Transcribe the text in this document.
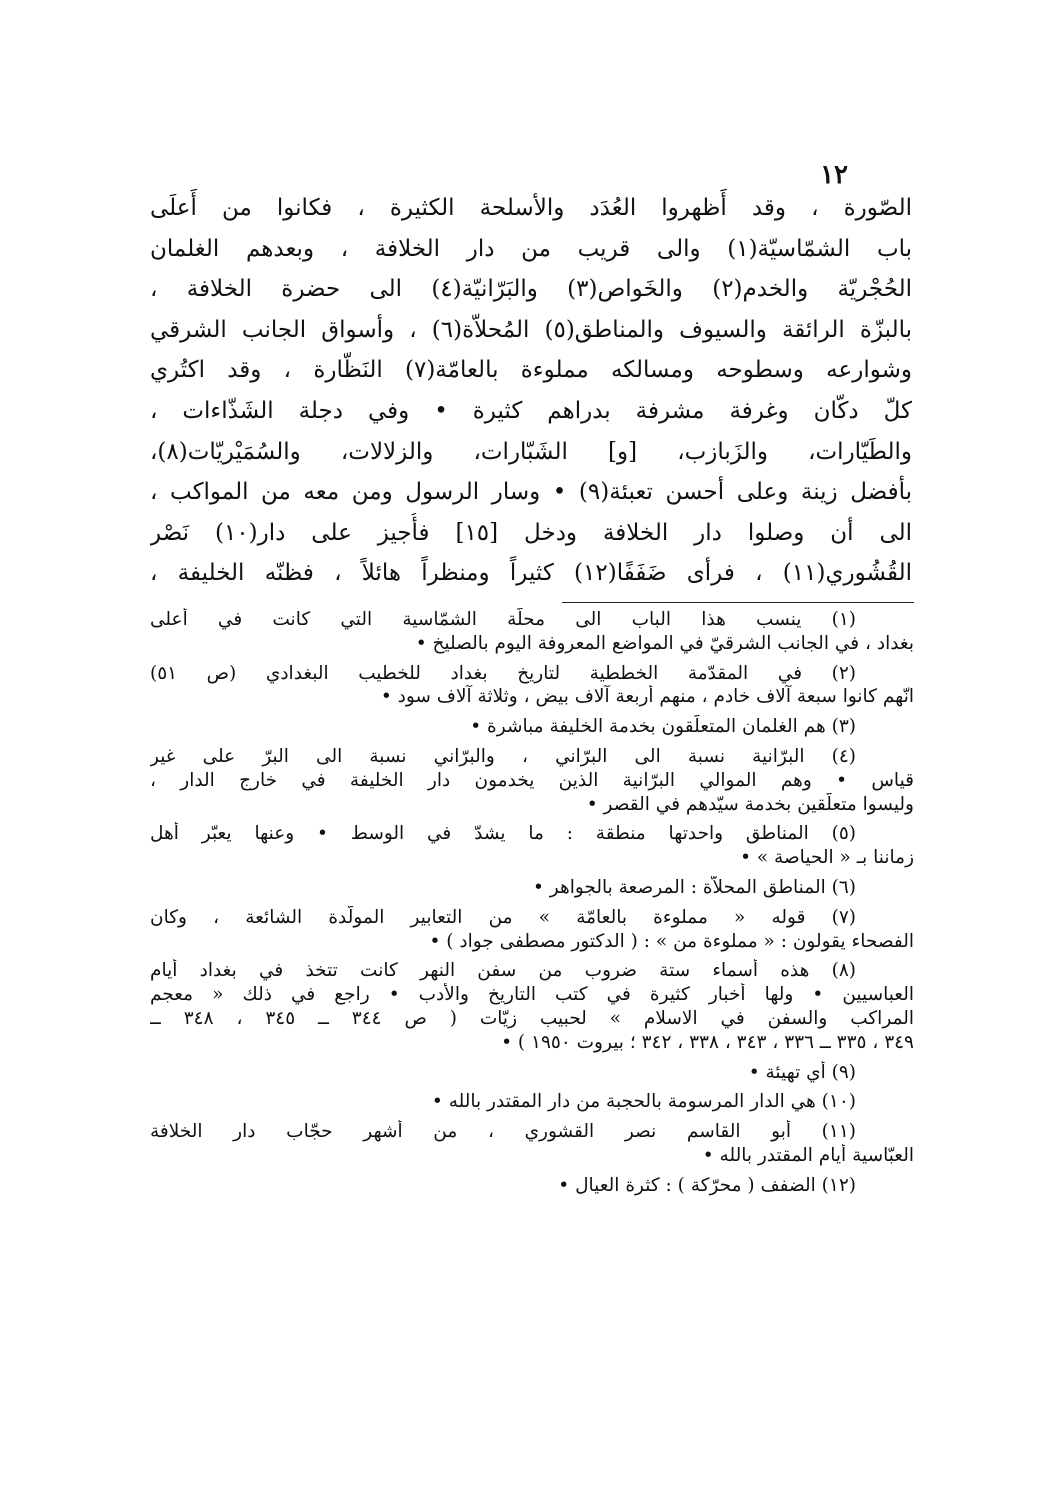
١٢
الصّورة ، وقد أَظهروا العُدَد والأسلحة الكثيرة ، فكانوا من أَعلَى
باب الشمّاسيّة(١) والى قريب من دار الخلافة ، وبعدهم الغلمان
الحُجْريّة والخدم(٢) والخَواص(٣) والبَرّانيّة(٤) الى حضرة الخلافة ،
بالبزّة الرائقة والسيوف والمناطق(٥) المُحلاّة(٦) ، وأسواق الجانب الشرقي
وشوارعه وسطوحه ومسالكه مملوءة بالعامّة(٧) النَظّارة ، وقد اكتُري
كلّ دكّان وغرفة مشرفة بدراهم كثيرة • وفي دجلة الشَذّاءات ،
والطَيّارات، والزَبازب، [و] الشَبّارات، والزلالات، والسُمَيْريّات(٨)،
بأفضل زينة وعلى أحسن تعبئة(٩) • وسار الرسول ومن معه من المواكب ،
الى أن وصلوا دار الخلافة ودخل [١٥] فأُجيز على دار(١٠) نَصْر
القُشُوري(١١) ، فرأى ضَفَفًا(١٢) كثيراً ومنظراً هائلاً ، فظنّه الخليفة ،
(١) ينسب هذا الباب الى محلّة الشمّاسية التي كانت في أعلى
بغداد ، في الجانب الشرقيّ في المواضع المعروفة اليوم بالصليخ •
(٢) في المقدّمة الخططية لتاريخ بغداد للخطيب البغدادي (ص ٥١)
انّهم كانوا سبعة آلاف خادم ، منهم أربعة آلاف بيض ، وثلاثة آلاف سود •
(٣) هم الغلمان المتعلّقون بخدمة الخليفة مباشرة •
(٤) البرّانية نسبة الى البرّاني ، والبرّاني نسبة الى البرّ على غير
قياس • وهم الموالي البرّانية الذين يخدمون دار الخليفة في خارج الدار ،
وليسوا متعلّقين بخدمة سيّدهم في القصر •
(٥) المناطق واحدتها منطقة : ما يشدّ في الوسط • وعنها يعبّر أهل
زماننا بـ « الحياصة » •
(٦) المناطق المحلاّة : المرصعة بالجواهر •
(٧) قوله « مملوءة بالعامّة » من التعابير المولّدة الشائعة ، وكان
الفصحاء يقولون : « مملوءة من » : ( الدكتور مصطفى جواد ) •
(٨) هذه أسماء ستة ضروب من سفن النهر كانت تتخذ في بغداد أيام
العباسيين • ولها أخبار كثيرة في كتب التاريخ والأدب • راجع في ذلك « معجم
المراكب والسفن في الاسلام » لحبيب زيّات ( ص ٣٤٤ ــ ٣٤٥ ، ٣٤٨ ــ
٣٤٩ ، ٣٣٥ ــ ٣٣٦ ، ٣٤٣ ، ٣٣٨ ، ٣٤٢ ؛ بيروت ١٩٥٠ ) •
(٩) أي تهيئة •
(١٠) هي الدار المرسومة بالحجبة من دار المقتدر بالله •
(١١) أبو القاسم نصر القشوري ، من أشهر حجّاب دار الخلافة
العبّاسية أيام المقتدر بالله •
(١٢) الضفف ( محرّكة ) : كثرة العيال •
